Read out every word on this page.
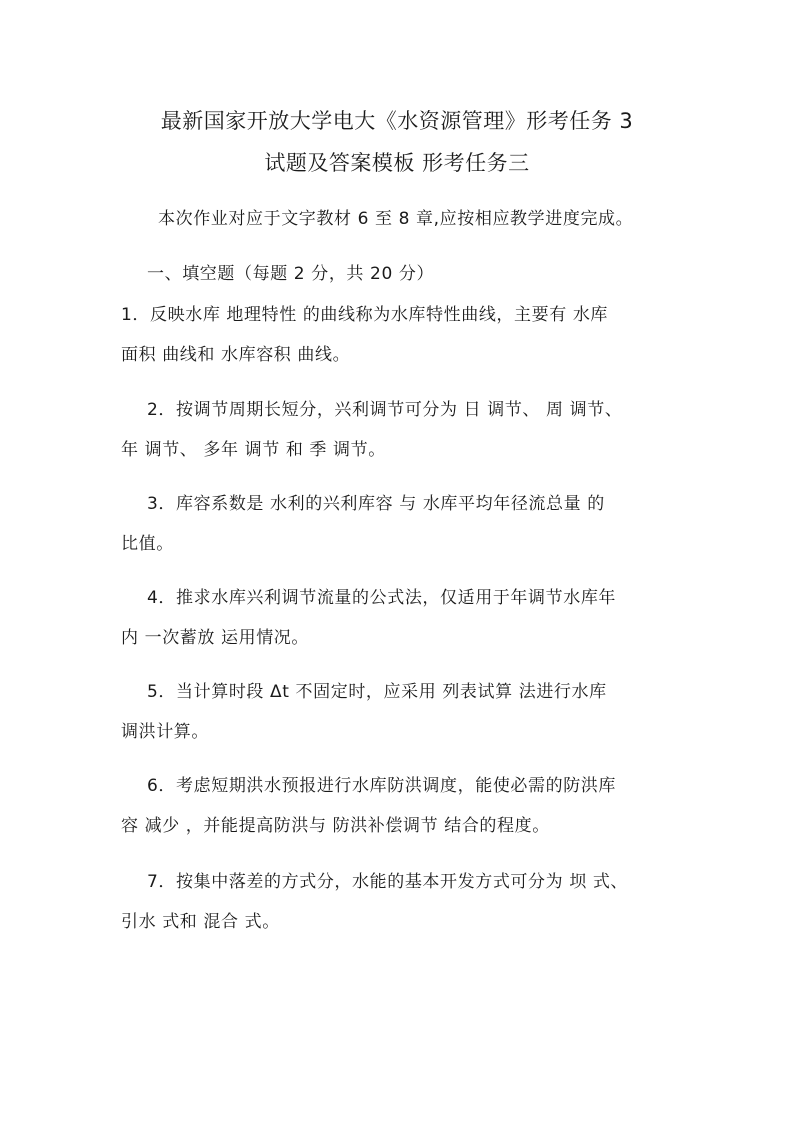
最新国家开放大学电大《水资源管理》形考任务 3
试题及答案模板 形考任务三
本次作业对应于文字教材 6 至 8 章,应按相应教学进度完成。
一、填空题（每题 2 分，共 20 分）
1．反映水库 地理特性 的曲线称为水库特性曲线，主要有 水库
面积 曲线和 水库容积 曲线。
2．按调节周期长短分，兴利调节可分为 日 调节、 周 调节、
年 调节、 多年 调节 和 季 调节。
3．库容系数是 水利的兴利库容 与 水库平均年径流总量 的
比值。
4．推求水库兴利调节流量的公式法，仅适用于年调节水库年
内 一次蓄放 运用情况。
5．当计算时段 Δt 不固定时，应采用 列表试算 法进行水库
调洪计算。
6．考虑短期洪水预报进行水库防洪调度，能使必需的防洪库
容 减少 ，并能提高防洪与 防洪补偿调节 结合的程度。
7．按集中落差的方式分，水能的基本开发方式可分为 坝 式、
引水 式和 混合 式。
